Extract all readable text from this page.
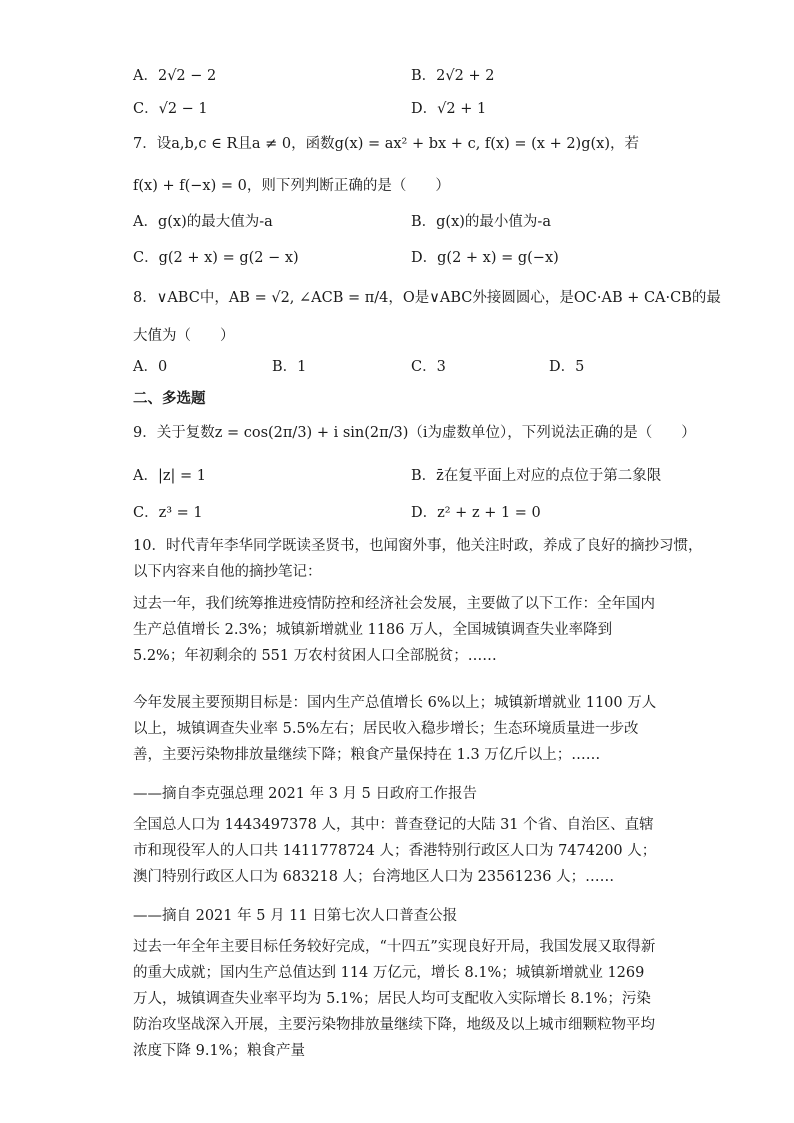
A．2√2 − 2	B．2√2 + 2
C．√2 − 1	D．√2 + 1
7．设a,b,c ∈ R且a ≠ 0，函数g(x) = ax² + bx + c, f(x) = (x + 2)g(x)，若
f(x) + f(−x) = 0，则下列判断正确的是（　　）
A．g(x)的最大值为-a	B．g(x)的最小值为-a
C．g(2 + x) = g(2 − x)	D．g(2 + x) = g(−x)
8．∨ABC中，AB = √2, ∠ACB = π/4，O是∨ABC外接圆圆心，是OC·AB + CA·CB的最
大值为（　　）
A．0	B．1	C．3	D．5
二、多选题
9．关于复数z = cos(2π/3) + i sin(2π/3)（i为虚数单位），下列说法正确的是（　　）
A．|z| = 1	B．z̄在复平面上对应的点位于第二象限
C．z³ = 1	D．z² + z + 1 = 0
10．时代青年李华同学既读圣贤书，也闻窗外事，他关注时政，养成了良好的摘抄习惯，
以下内容来自他的摘抄笔记：
过去一年，我们统筹推进疫情防控和经济社会发展，主要做了以下工作：全年国内生产总值增长 2.3%；城镇新增就业 1186 万人，全国城镇调查失业率降到 5.2%；年初剩余的 551 万农村贫困人口全部脱贫；……
今年发展主要预期目标是：国内生产总值增长 6%以上；城镇新增就业 1100 万人以上，城镇调查失业率 5.5%左右；居民收入稳步增长；生态环境质量进一步改善，主要污染物排放量继续下降；粮食产量保持在 1.3 万亿斤以上；……
——摘自李克强总理 2021 年 3 月 5 日政府工作报告
全国总人口为 1443497378 人，其中：普查登记的大陆 31 个省、自治区、直辖市和现役军人的人口共 1411778724 人；香港特别行政区人口为 7474200 人；澳门特别行政区人口为 683218 人；台湾地区人口为 23561236 人；……
——摘自 2021 年 5 月 11 日第七次人口普查公报
过去一年全年主要目标任务较好完成，“十四五”实现良好开局，我国发展又取得新的重大成就；国内生产总值达到 114 万亿元，增长 8.1%；城镇新增就业 1269 万人，城镇调查失业率平均为 5.1%；居民人均可支配收入实际增长 8.1%；污染防治攻坚战深入开展，主要污染物排放量继续下降，地级及以上城市细颗粒物平均浓度下降 9.1%；粮食产量
